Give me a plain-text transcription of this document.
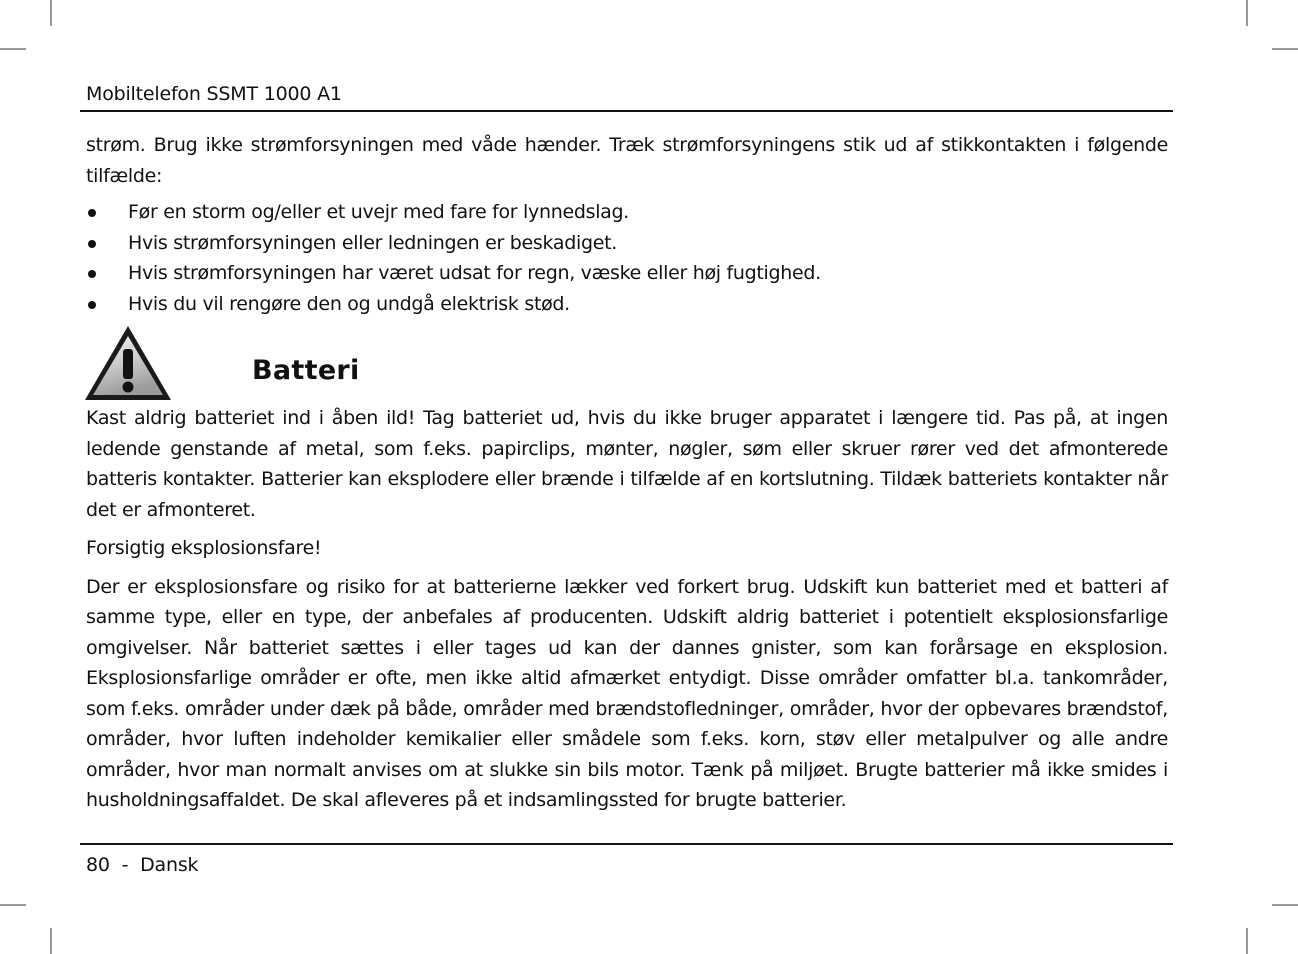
Mobiltelefon SSMT 1000 A1

strøm. Brug ikke strømforsyningen med våde hænder. Træk strømforsyningens stik ud af stikkontakten i følgende tilfælde:

Før en storm og/eller et uvejr med fare for lynnedslag.
Hvis strømforsyningen eller ledningen er beskadiget.
Hvis strømforsyningen har været udsat for regn, væske eller høj fugtighed.
Hvis du vil rengøre den og undgå elektrisk stød.
Batteri

Kast aldrig batteriet ind i åben ild! Tag batteriet ud, hvis du ikke bruger apparatet i længere tid. Pas på, at ingen ledende genstande af metal, som f.eks. papirclips, mønter, nøgler, søm eller skruer rører ved det afmonterede batteris kontakter. Batterier kan eksplodere eller brænde i tilfælde af en kortslutning. Tildæk batteriets kontakter når det er afmonteret.

Forsigtig eksplosionsfare!

Der er eksplosionsfare og risiko for at batterierne lækker ved forkert brug. Udskift kun batteriet med et batteri af samme type, eller en type, der anbefales af producenten. Udskift aldrig batteriet i potentielt eksplosionsfarlige omgivelser. Når batteriet sættes i eller tages ud kan der dannes gnister, som kan forårsage en eksplosion. Eksplosionsfarlige områder er ofte, men ikke altid afmærket entydigt. Disse områder omfatter bl.a. tankområder, som f.eks. områder under dæk på både, områder med brændstofledninger, områder, hvor der opbevares brændstof, områder, hvor luften indeholder kemikalier eller smådele som f.eks. korn, støv eller metalpulver og alle andre områder, hvor man normalt anvises om at slukke sin bils motor. Tænk på miljøet. Brugte batterier må ikke smides i husholdningsaffaldet. De skal afleveres på et indsamlingssted for brugte batterier.

80 - Dansk
